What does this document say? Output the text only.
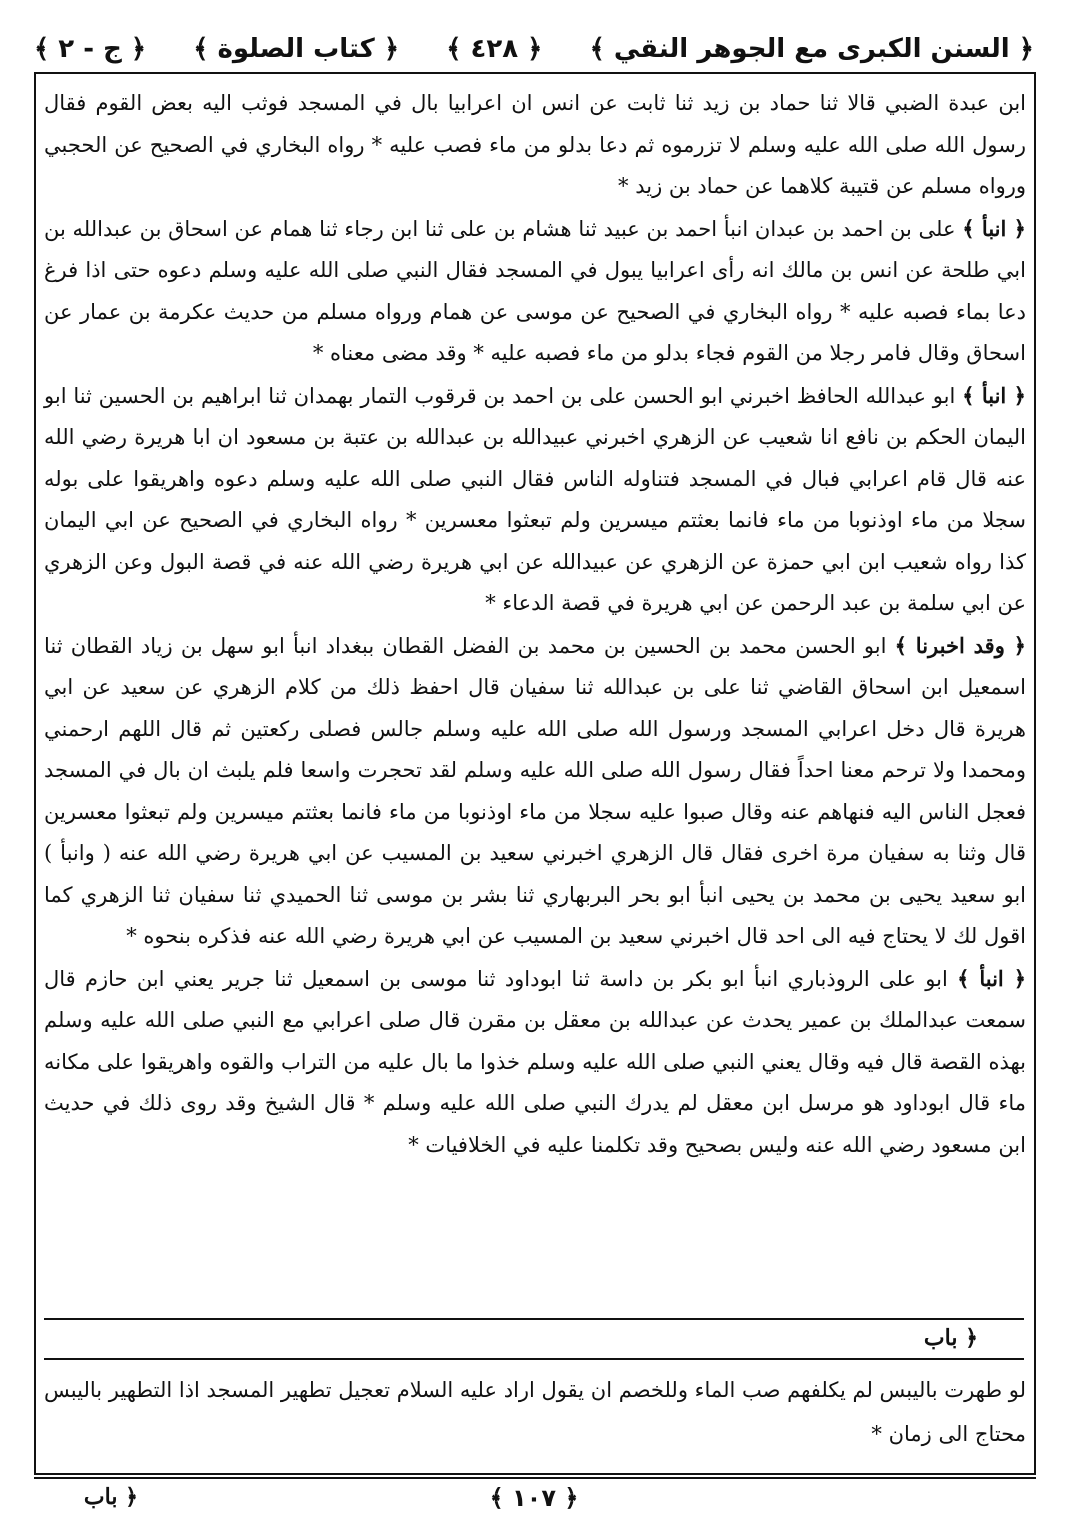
﴿ السنن الكبرى مع الجوهر النقي ﴾
﴿ ٤٢٨ ﴾
﴿ كتاب الصلوة ﴾
﴿ ج - ٢ ﴾

ابن عبدة الضبي قالا ثنا حماد بن زيد ثنا ثابت عن انس ان اعرابيا بال في المسجد فوثب اليه بعض القوم فقال رسول الله صلى الله عليه وسلم لا تزرموه ثم دعا بدلو من ماء فصب عليه * رواه البخاري في الصحيح عن الحجبي ورواه مسلم عن قتيبة كلاهما عن حماد بن زيد *

﴿ انبأ ﴾ على بن احمد بن عبدان انبأ احمد بن عبيد ثنا هشام بن على ثنا ابن رجاء ثنا همام عن اسحاق بن عبدالله بن ابي طلحة عن انس بن مالك انه رأى اعرابيا يبول في المسجد فقال النبي صلى الله عليه وسلم دعوه حتى اذا فرغ دعا بماء فصبه عليه * رواه البخاري في الصحيح عن موسى عن همام ورواه مسلم من حديث عكرمة بن عمار عن اسحاق وقال فامر رجلا من القوم فجاء بدلو من ماء فصبه عليه * وقد مضى معناه *

﴿ انبأ ﴾ ابو عبدالله الحافظ اخبرني ابو الحسن على بن احمد بن قرقوب التمار بهمدان ثنا ابراهيم بن الحسين ثنا ابو اليمان الحكم بن نافع انا شعيب عن الزهري اخبرني عبيدالله بن عبدالله بن عتبة بن مسعود ان ابا هريرة رضي الله عنه قال قام اعرابي فبال في المسجد فتناوله الناس فقال النبي صلى الله عليه وسلم دعوه واهريقوا على بوله سجلا من ماء اوذنوبا من ماء فانما بعثتم ميسرين ولم تبعثوا معسرين * رواه البخاري في الصحيح عن ابي اليمان كذا رواه شعيب ابن ابي حمزة عن الزهري عن عبيدالله عن ابي هريرة رضي الله عنه في قصة البول وعن الزهري عن ابي سلمة بن عبد الرحمن عن ابي هريرة في قصة الدعاء *

﴿ وقد اخبرنا ﴾ ابو الحسن محمد بن الحسين بن محمد بن الفضل القطان ببغداد انبأ ابو سهل بن زياد القطان ثنا اسمعيل ابن اسحاق القاضي ثنا على بن عبدالله ثنا سفيان قال احفظ ذلك من كلام الزهري عن سعيد عن ابي هريرة قال دخل اعرابي المسجد ورسول الله صلى الله عليه وسلم جالس فصلى ركعتين ثم قال اللهم ارحمني ومحمدا ولا ترحم معنا احداً فقال رسول الله صلى الله عليه وسلم لقد تحجرت واسعا فلم يلبث ان بال في المسجد فعجل الناس اليه فنهاهم عنه وقال صبوا عليه سجلا من ماء اوذنوبا من ماء فانما بعثتم ميسرين ولم تبعثوا معسرين قال وثنا به سفيان مرة اخرى فقال قال الزهري اخبرني سعيد بن المسيب عن ابي هريرة رضي الله عنه ( وانبأ ) ابو سعيد يحيى بن محمد بن يحيى انبأ ابو بحر البربهاري ثنا بشر بن موسى ثنا الحميدي ثنا سفيان ثنا الزهري كما اقول لك لا يحتاج فيه الى احد قال اخبرني سعيد بن المسيب عن ابي هريرة رضي الله عنه فذكره بنحوه *

﴿ انبأ ﴾ ابو على الروذباري انبأ ابو بكر بن داسة ثنا ابوداود ثنا موسى بن اسمعيل ثنا جرير يعني ابن حازم قال سمعت عبدالملك بن عمير يحدث عن عبدالله بن معقل بن مقرن قال صلى اعرابي مع النبي صلى الله عليه وسلم بهذه القصة قال فيه وقال يعني النبي صلى الله عليه وسلم خذوا ما بال عليه من التراب والقوه واهريقوا على مكانه ماء قال ابوداود هو مرسل ابن معقل لم يدرك النبي صلى الله عليه وسلم * قال الشيخ وقد روى ذلك في حديث ابن مسعود رضي الله عنه وليس بصحيح وقد تكلمنا عليه في الخلافيات *

﴿ باب
لو طهرت باليبس لم يكلفهم صب الماء وللخصم ان يقول اراد عليه السلام تعجيل تطهير المسجد اذا التطهير باليبس محتاج الى زمان *
﴿ ١٠٧ ﴾
﴿ باب
